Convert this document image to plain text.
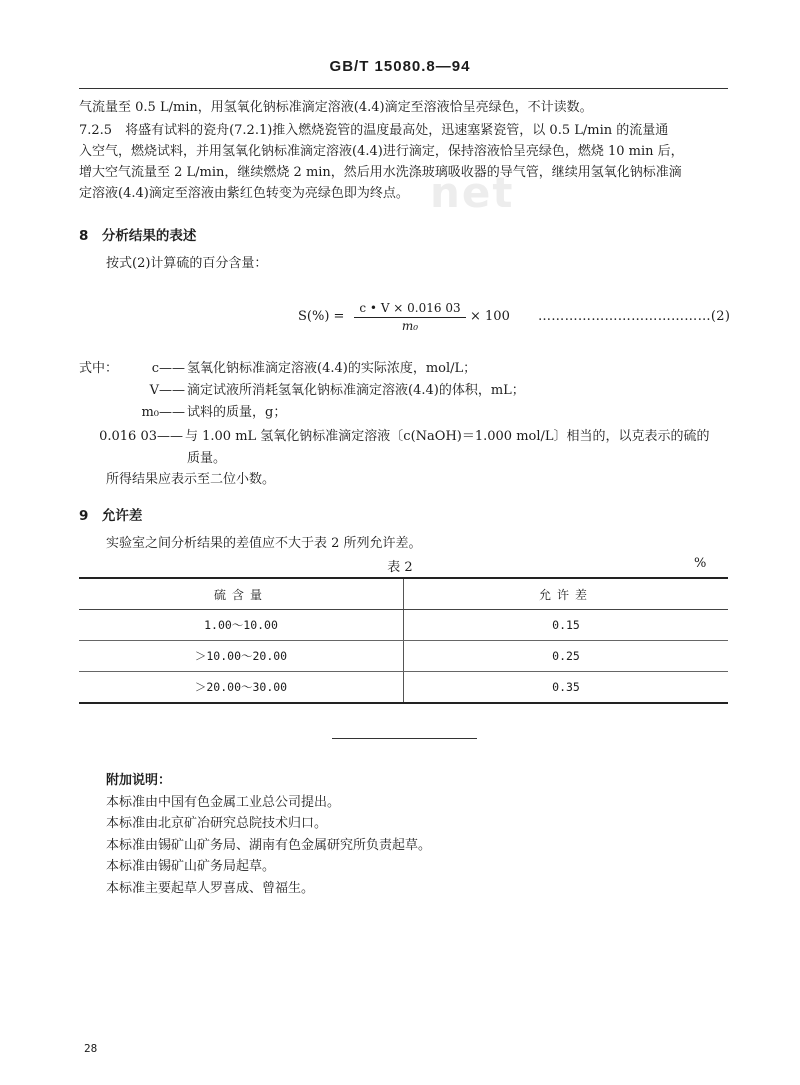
net
GB/T 15080.8—94
气流量至 0.5 L/min，用氢氧化钠标准滴定溶液(4.4)滴定至溶液恰呈亮绿色，不计读数。
7.2.5　将盛有试料的瓷舟(7.2.1)推入燃烧瓷管的温度最高处，迅速塞紧瓷管，以 0.5 L/min 的流量通
入空气，燃烧试料，并用氢氧化钠标准滴定溶液(4.4)进行滴定，保持溶液恰呈亮绿色，燃烧 10 min 后，
增大空气流量至 2 L/min，继续燃烧 2 min，然后用水洗涤玻璃吸收器的导气管，继续用氢氧化钠标准滴
定溶液(4.4)滴定至溶液由紫红色转变为亮绿色即为终点。
8　分析结果的表述
按式(2)计算硫的百分含量：
S(%) =
c • V × 0.016 03
m₀
× 100 …………………………………(2)
式中：	c—— 氢氧化钠标准滴定溶液(4.4)的实际浓度，mol/L；
V—— 滴定试液所消耗氢氧化钠标准滴定溶液(4.4)的体积，mL；
m₀—— 试料的质量，g；
0.016 03—— 与 1.00 mL 氢氧化钠标准滴定溶液〔c(NaOH)＝1.000 mol/L〕相当的，以克表示的硫的
质量。
所得结果应表示至二位小数。
9　允许差
实验室之间分析结果的差值应不大于表 2 所列允许差。
表 2	%
硫含量	允许差
1.00～10.00	0.15
＞10.00～20.00	0.25
＞20.00～30.00	0.35
附加说明：
本标准由中国有色金属工业总公司提出。
本标准由北京矿冶研究总院技术归口。
本标准由锡矿山矿务局、湖南有色金属研究所负责起草。
本标准由锡矿山矿务局起草。
本标准主要起草人罗喜成、曾福生。
28
